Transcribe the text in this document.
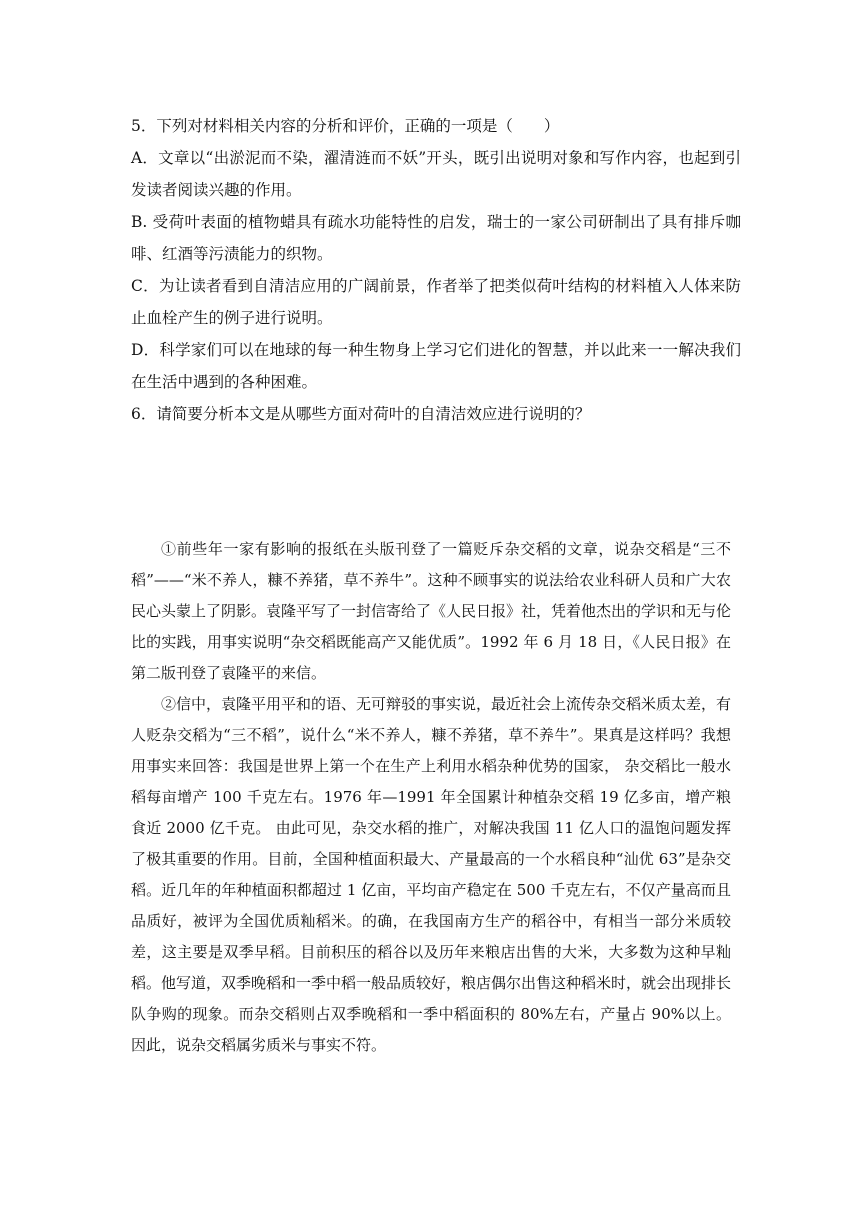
5．下列对材料相关内容的分析和评价，正确的一项是（　　）

A．文章以“出淤泥而不染，濯清涟而不妖”开头，既引出说明对象和写作内容，也起到引发读者阅读兴趣的作用。

B. 受荷叶表面的植物蜡具有疏水功能特性的启发，瑞士的一家公司研制出了具有排斥咖啡、红酒等污渍能力的织物。

C．为让读者看到自清洁应用的广阔前景，作者举了把类似荷叶结构的材料植入人体来防止血栓产生的例子进行说明。

D．科学家们可以在地球的每一种生物身上学习它们进化的智慧，并以此来一一解决我们在生活中遇到的各种困难。

6．请简要分析本文是从哪些方面对荷叶的自清洁效应进行说明的？

①前些年一家有影响的报纸在头版刊登了一篇贬斥杂交稻的文章，说杂交稻是“三不稻”——“米不养人，糠不养猪，草不养牛”。这种不顾事实的说法给农业科研人员和广大农民心头蒙上了阴影。袁隆平写了一封信寄给了《人民日报》社，凭着他杰出的学识和无与伦比的实践，用事实说明“杂交稻既能高产又能优质”。1992 年 6 月 18 日，《人民日报》在第二版刊登了袁隆平的来信。

②信中，袁隆平用平和的语、无可辩驳的事实说，最近社会上流传杂交稻米质太差，有人贬杂交稻为“三不稻”，说什么“米不养人，糠不养猪，草不养牛”。果真是这样吗？我想用事实来回答：我国是世界上第一个在生产上利用水稻杂种优势的国家， 杂交稻比一般水稻每亩增产 100 千克左右。1976 年—1991 年全国累计种植杂交稻 19 亿多亩，增产粮食近 2000 亿千克。 由此可见，杂交水稻的推广，对解决我国 11 亿人口的温饱问题发挥了极其重要的作用。目前，全国种植面积最大、产量最高的一个水稻良种“汕优 63”是杂交稻。近几年的年种植面积都超过 1 亿亩，平均亩产稳定在 500 千克左右，不仅产量高而且品质好，被评为全国优质籼稻米。的确，在我国南方生产的稻谷中，有相当一部分米质较差，这主要是双季早稻。目前积压的稻谷以及历年来粮店出售的大米，大多数为这种早籼稻。他写道，双季晚稻和一季中稻一般品质较好，粮店偶尔出售这种稻米时，就会出现排长队争购的现象。而杂交稻则占双季晚稻和一季中稻面积的 80%左右，产量占 90%以上。因此，说杂交稻属劣质米与事实不符。
